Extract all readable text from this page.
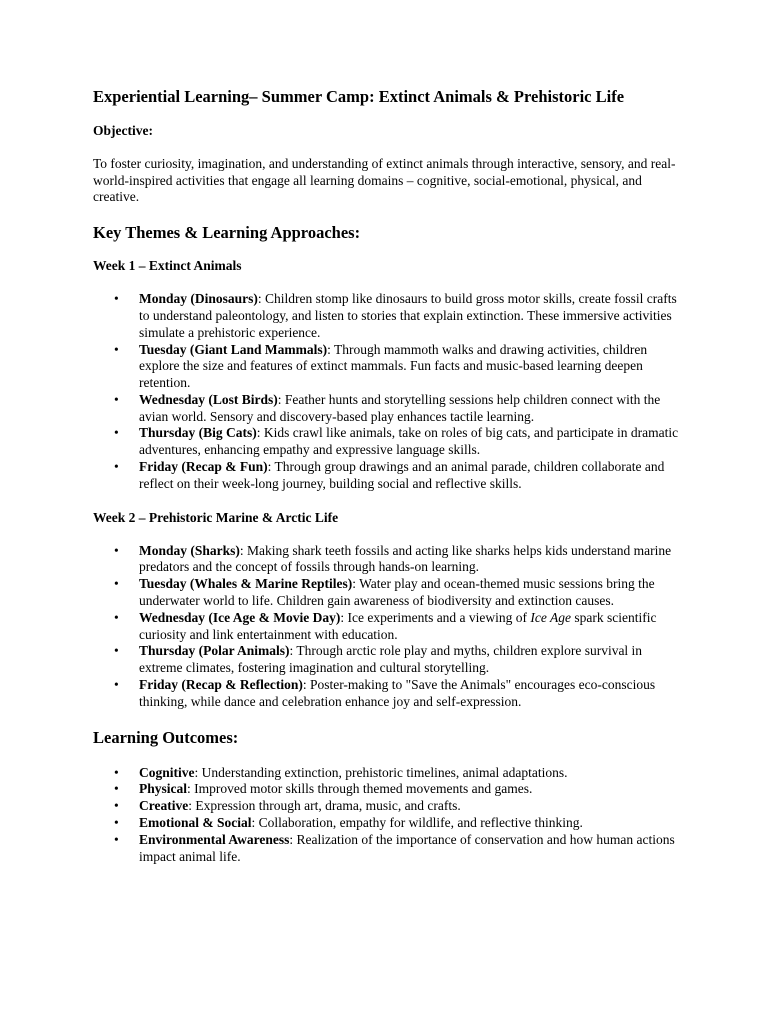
Experiential Learning– Summer Camp: Extinct Animals & Prehistoric Life
Objective:

To foster curiosity, imagination, and understanding of extinct animals through interactive, sensory, and real-world-inspired activities that engage all learning domains – cognitive, social-emotional, physical, and creative.

Key Themes & Learning Approaches:
Week 1 – Extinct Animals
• Monday (Dinosaurs): Children stomp like dinosaurs to build gross motor skills, create fossil crafts to understand paleontology, and listen to stories that explain extinction. These immersive activities simulate a prehistoric experience.
• Tuesday (Giant Land Mammals): Through mammoth walks and drawing activities, children explore the size and features of extinct mammals. Fun facts and music-based learning deepen retention.
• Wednesday (Lost Birds): Feather hunts and storytelling sessions help children connect with the avian world. Sensory and discovery-based play enhances tactile learning.
• Thursday (Big Cats): Kids crawl like animals, take on roles of big cats, and participate in dramatic adventures, enhancing empathy and expressive language skills.
• Friday (Recap & Fun): Through group drawings and an animal parade, children collaborate and reflect on their week-long journey, building social and reflective skills.
Week 2 – Prehistoric Marine & Arctic Life
• Monday (Sharks): Making shark teeth fossils and acting like sharks helps kids understand marine predators and the concept of fossils through hands-on learning.
• Tuesday (Whales & Marine Reptiles): Water play and ocean-themed music sessions bring the underwater world to life. Children gain awareness of biodiversity and extinction causes.
• Wednesday (Ice Age & Movie Day): Ice experiments and a viewing of Ice Age spark scientific curiosity and link entertainment with education.
• Thursday (Polar Animals): Through arctic role play and myths, children explore survival in extreme climates, fostering imagination and cultural storytelling.
• Friday (Recap & Reflection): Poster-making to "Save the Animals" encourages eco-conscious thinking, while dance and celebration enhance joy and self-expression.
Learning Outcomes:
• Cognitive: Understanding extinction, prehistoric timelines, animal adaptations.
• Physical: Improved motor skills through themed movements and games.
• Creative: Expression through art, drama, music, and crafts.
• Emotional & Social: Collaboration, empathy for wildlife, and reflective thinking.
• Environmental Awareness: Realization of the importance of conservation and how human actions impact animal life.
